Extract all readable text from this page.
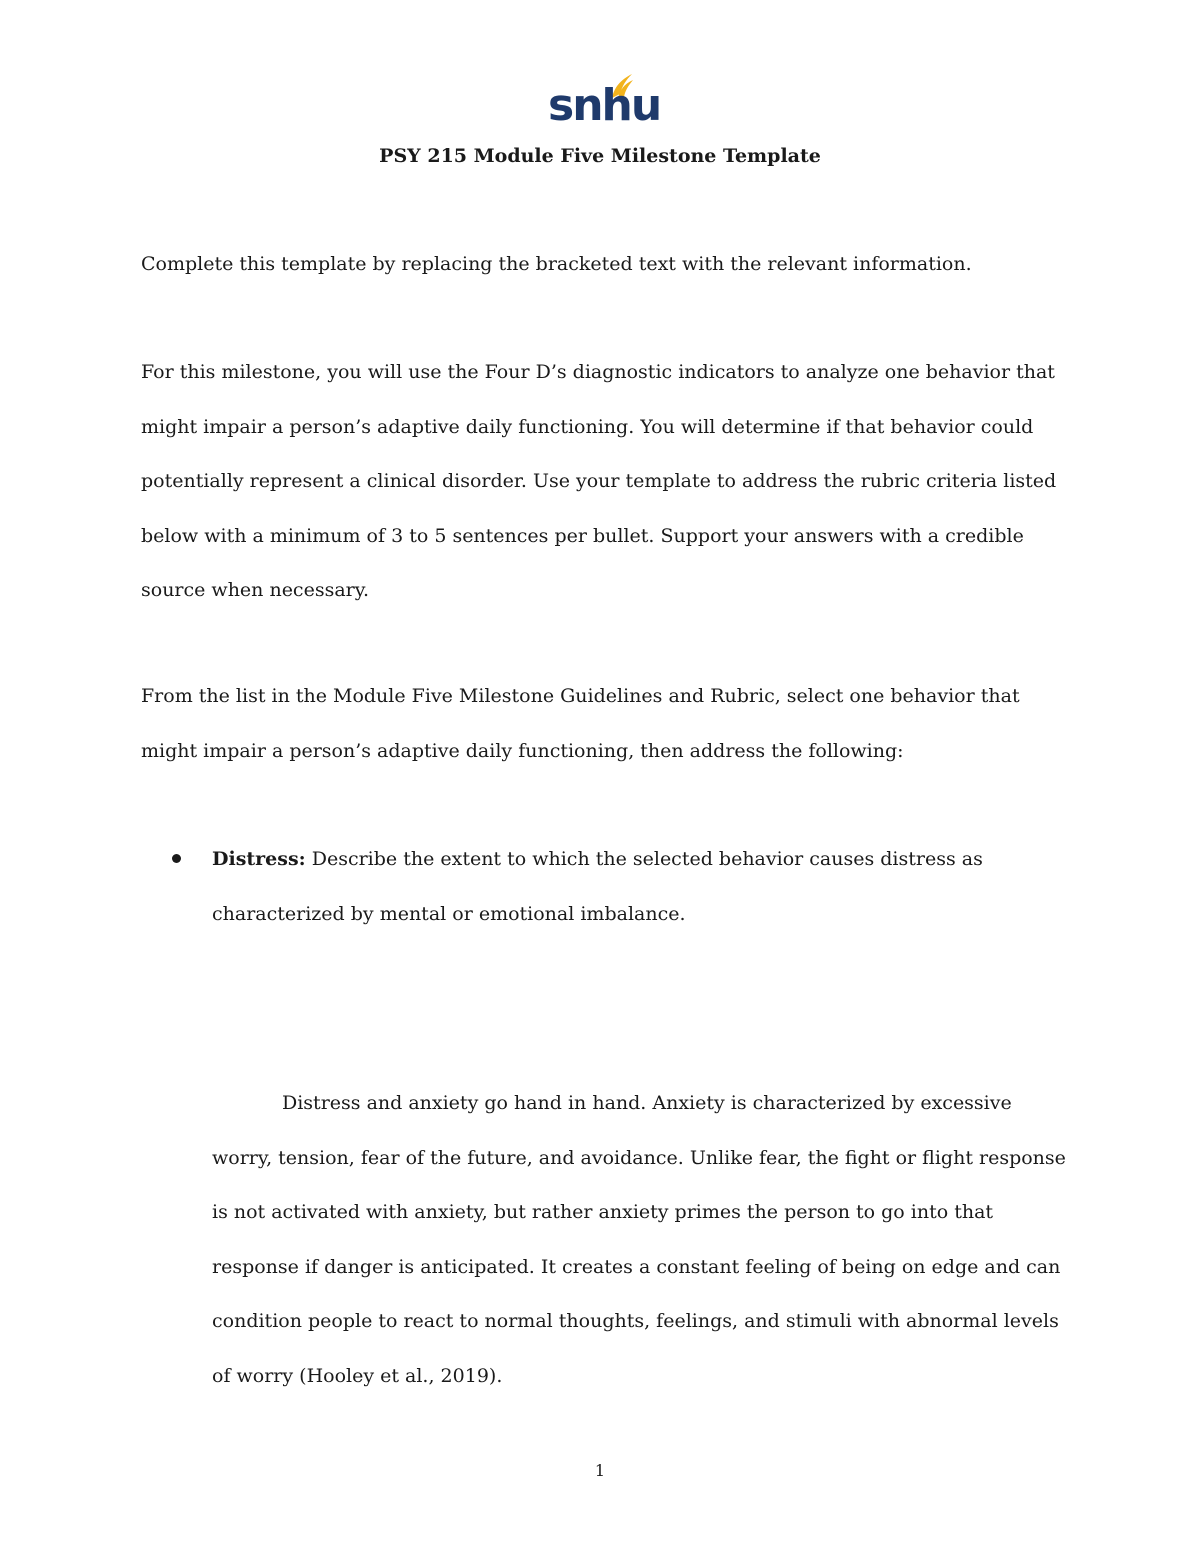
snhu
PSY 215 Module Five Milestone Template

Complete this template by replacing the bracketed text with the relevant information.

For this milestone, you will use the Four D’s diagnostic indicators to analyze one behavior that might impair a person’s adaptive daily functioning. You will determine if that behavior could potentially represent a clinical disorder. Use your template to address the rubric criteria listed below with a minimum of 3 to 5 sentences per bullet. Support your answers with a credible source when necessary.

From the list in the Module Five Milestone Guidelines and Rubric, select one behavior that might impair a person’s adaptive daily functioning, then address the following:

Distress: Describe the extent to which the selected behavior causes distress as characterized by mental or emotional imbalance.

Distress and anxiety go hand in hand. Anxiety is characterized by excessive worry, tension, fear of the future, and avoidance. Unlike fear, the fight or flight response is not activated with anxiety, but rather anxiety primes the person to go into that response if danger is anticipated. It creates a constant feeling of being on edge and can condition people to react to normal thoughts, feelings, and stimuli with abnormal levels of worry (Hooley et al., 2019).

1
